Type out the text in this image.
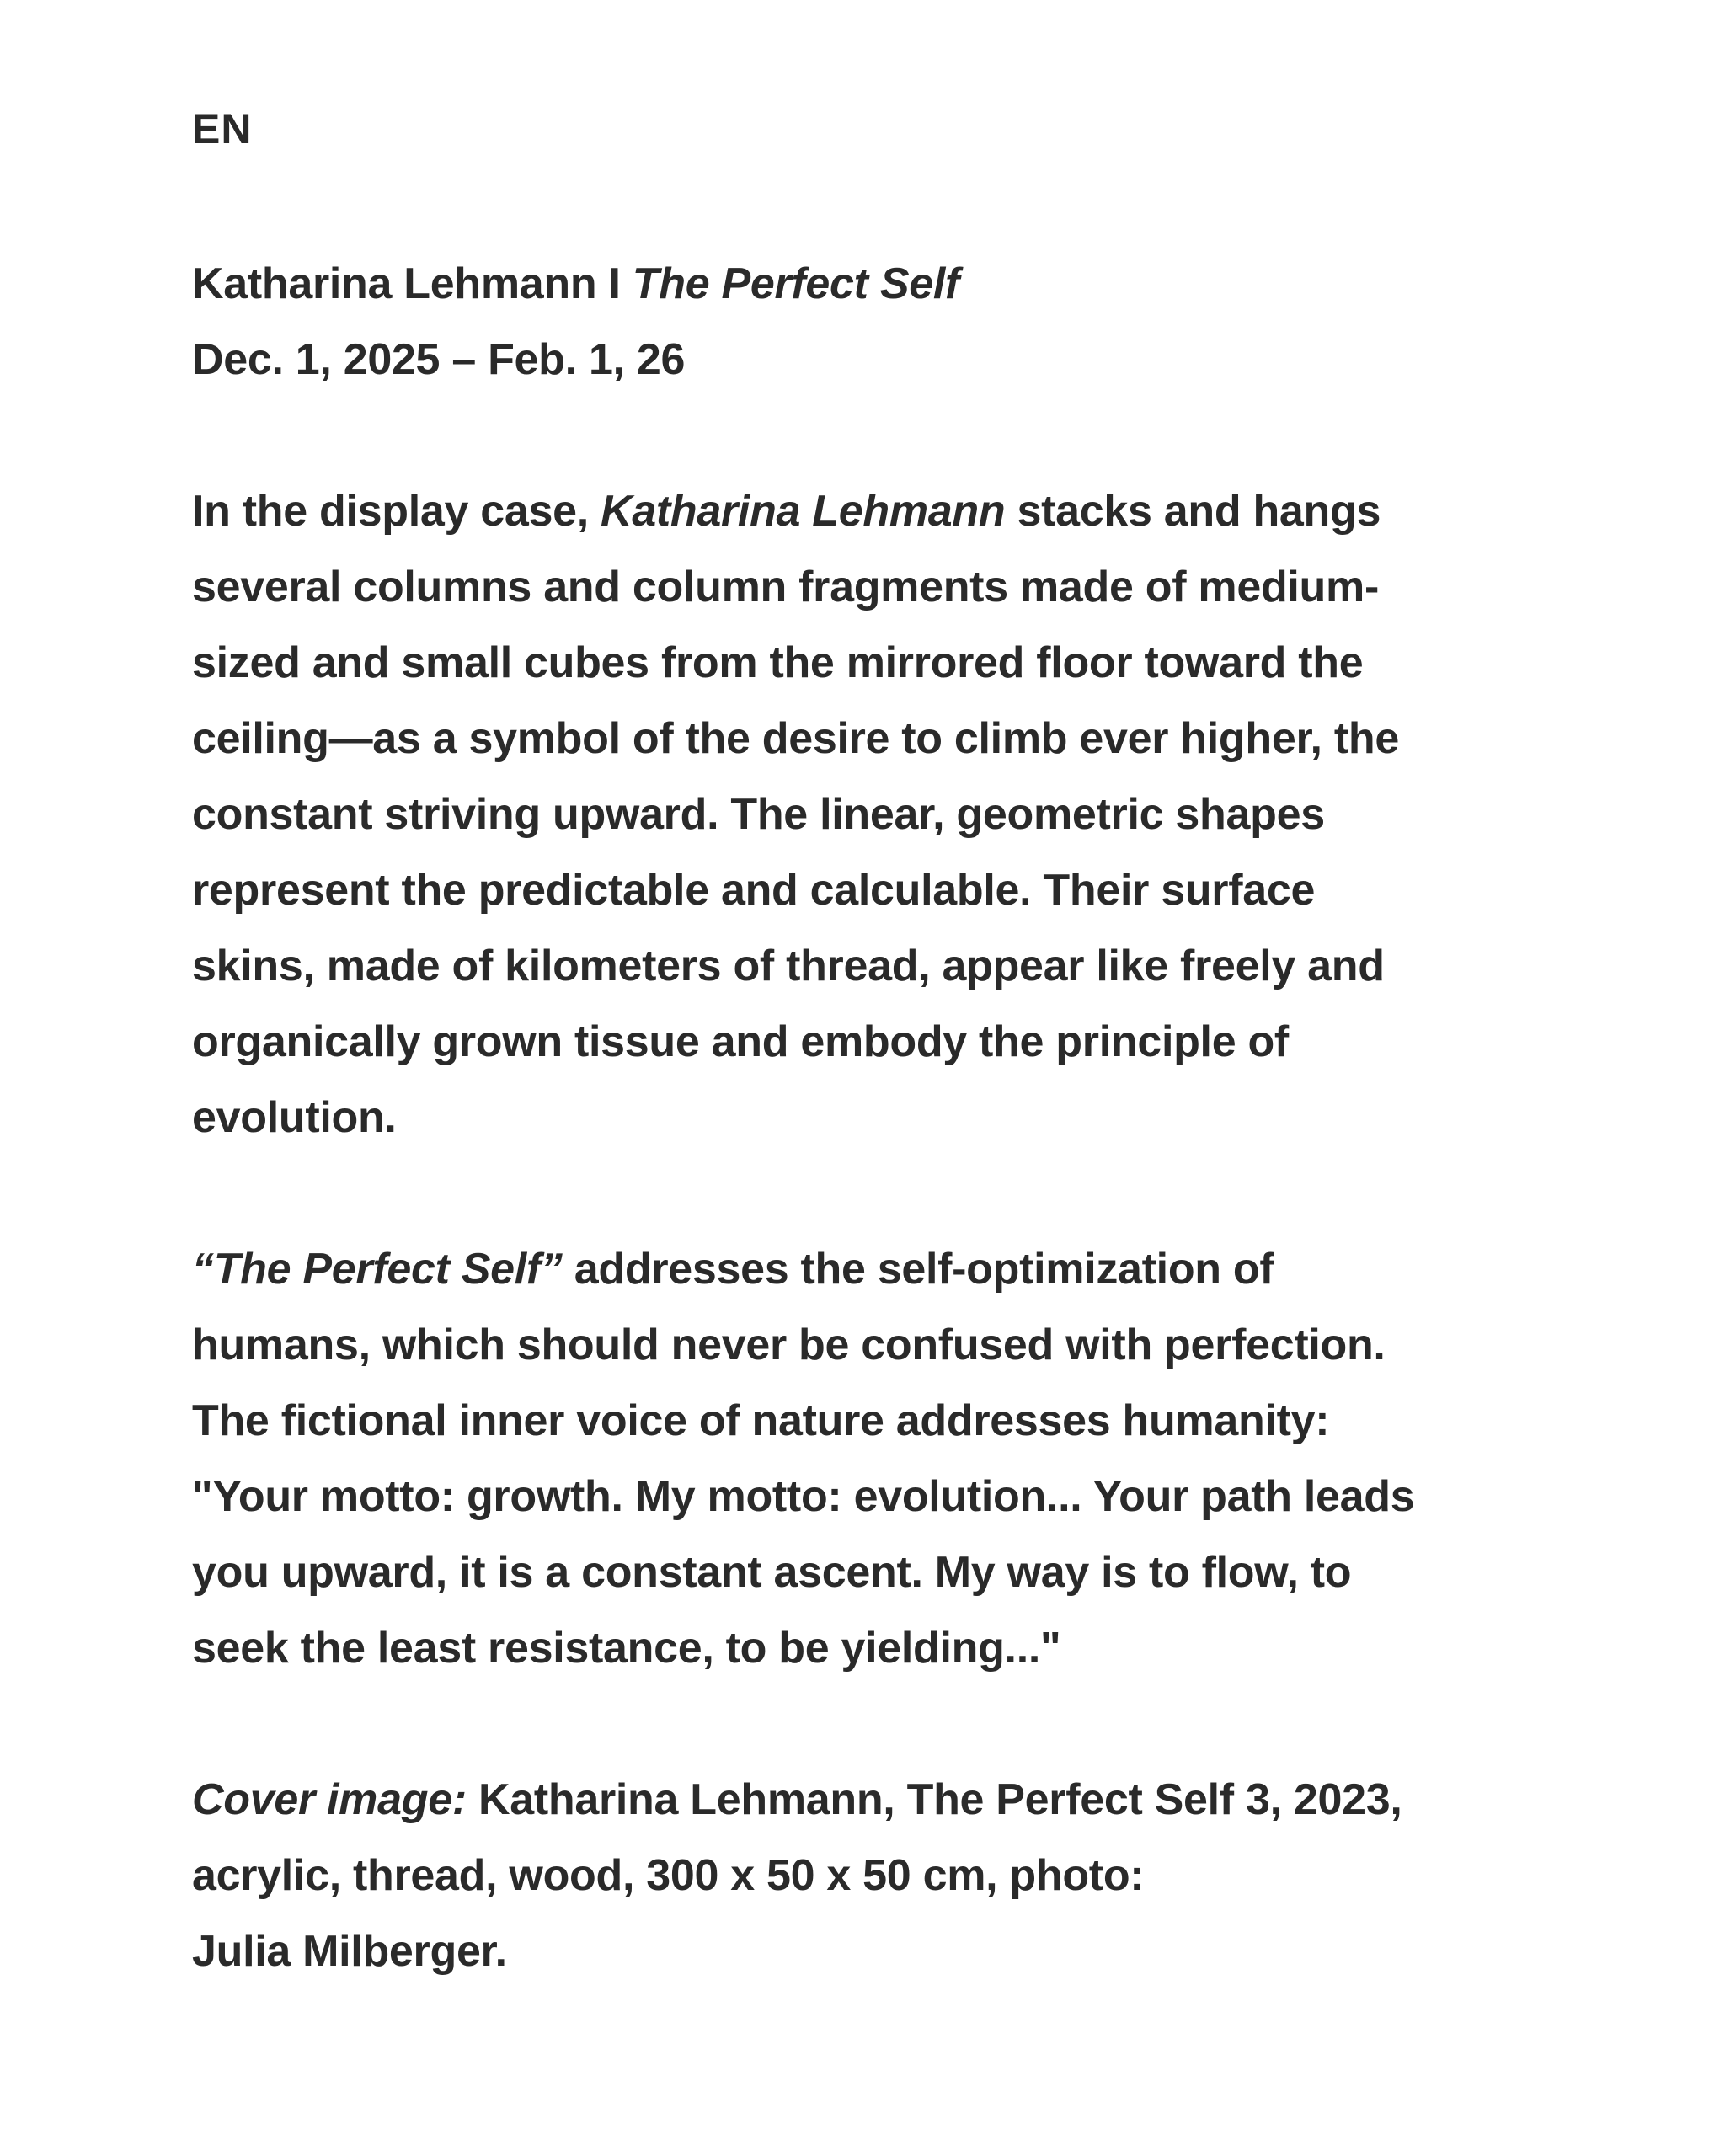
EN

Katharina Lehmann I The Perfect Self
Dec. 1, 2025 – Feb. 1, 26
In the display case, Katharina Lehmann stacks and hangs
several columns and column fragments made of medium-
sized and small cubes from the mirrored floor toward the
ceiling—as a symbol of the desire to climb ever higher, the
constant striving upward. The linear, geometric shapes
represent the predictable and calculable. Their surface
skins, made of kilometers of thread, appear like freely and
organically grown tissue and embody the principle of
evolution.
“The Perfect Self” addresses the self-optimization of
humans, which should never be confused with perfection.
The fictional inner voice of nature addresses humanity:
"Your motto: growth. My motto: evolution... Your path leads
you upward, it is a constant ascent. My way is to flow, to
seek the least resistance, to be yielding..."
Cover image: Katharina Lehmann, The Perfect Self 3, 2023,
acrylic, thread, wood, 300 x 50 x 50 cm, photo:
Julia Milberger.
